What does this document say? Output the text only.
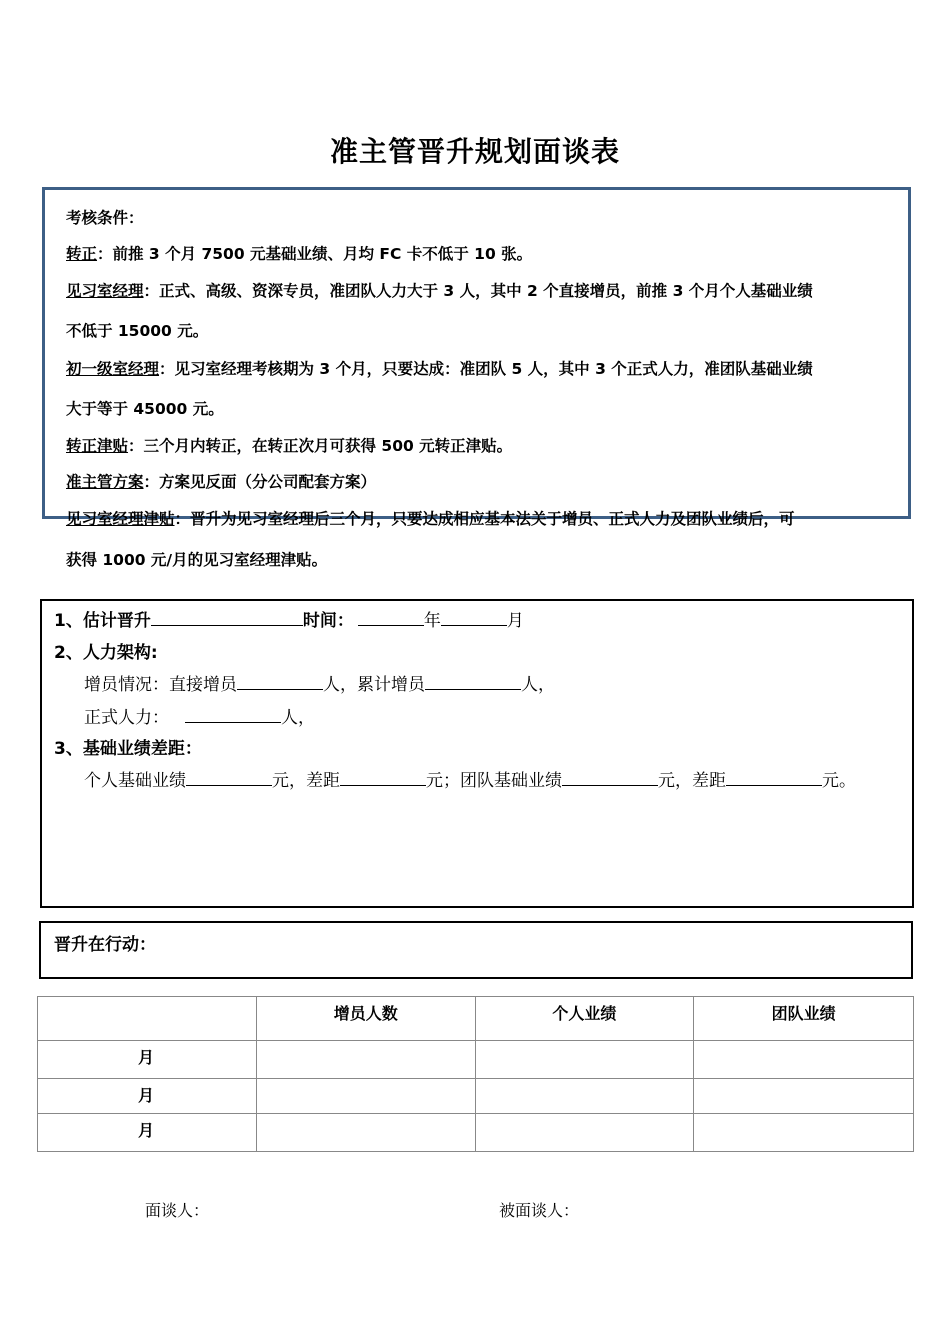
准主管晋升规划面谈表
考核条件：
转正：前推 3 个月 7500 元基础业绩、月均 FC 卡不低于 10 张。
见习室经理：正式、高级、资深专员，准团队人力大于 3 人，其中 2 个直接增员，前推 3 个月个人基础业绩
不低于 15000 元。
初一级室经理：见习室经理考核期为 3 个月，只要达成：准团队 5 人，其中 3 个正式人力，准团队基础业绩
大于等于 45000 元。
转正津贴：三个月内转正，在转正次月可获得 500 元转正津贴。
准主管方案：方案见反面（分公司配套方案）
见习室经理津贴：晋升为见习室经理后三个月，只要达成相应基本法关于增员、正式人力及团队业绩后，可
获得 1000 元/月的见习室经理津贴。
1、估计晋升	时间：	年	月
2、人力架构:
增员情况：直接增员	人，累计增员	人，
正式人力：	人，
3、基础业绩差距：
个人基础业绩	元，差距	元；团队基础业绩	元，差距	元。
晋升在行动：
	增员人数	个人业绩	团队业绩
月			
月			
月			
面谈人：	被面谈人：
